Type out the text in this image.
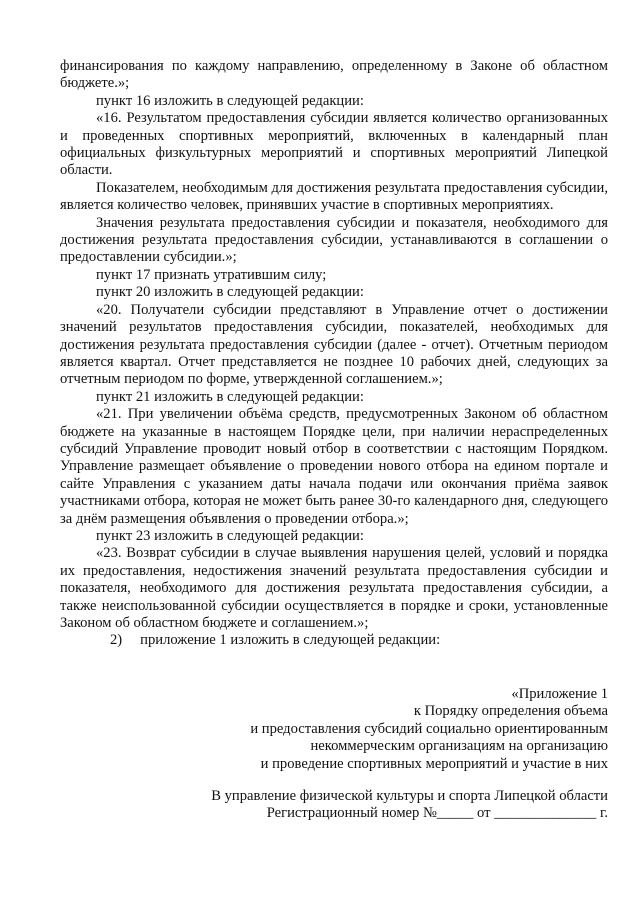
финансирования по каждому направлению, определенному в Законе об областном бюджете.»;

пункт 16 изложить в следующей редакции:

«16. Результатом предоставления субсидии является количество организованных и проведенных спортивных мероприятий, включенных в календарный план официальных физкультурных мероприятий и спортивных мероприятий Липецкой области.

Показателем, необходимым для достижения результата предоставления субсидии, является количество человек, принявших участие в спортивных мероприятиях.

Значения результата предоставления субсидии и показателя, необходимого для достижения результата предоставления субсидии, устанавливаются в соглашении о предоставлении субсидии.»;

пункт 17 признать утратившим силу;

пункт 20 изложить в следующей редакции:

«20. Получатели субсидии представляют в Управление отчет о достижении значений результатов предоставления субсидии, показателей, необходимых для достижения результата предоставления субсидии (далее - отчет). Отчетным периодом является квартал. Отчет представляется не позднее 10 рабочих дней, следующих за отчетным периодом по форме, утвержденной соглашением.»;

пункт 21 изложить в следующей редакции:

«21. При увеличении объёма средств, предусмотренных Законом об областном бюджете на указанные в настоящем Порядке цели, при наличии нераспределенных субсидий Управление проводит новый отбор в соответствии с настоящим Порядком. Управление размещает объявление о проведении нового отбора на едином портале и сайте Управления с указанием даты начала подачи или окончания приёма заявок участниками отбора, которая не может быть ранее 30-го календарного дня, следующего за днём размещения объявления о проведении отбора.»;

пункт 23 изложить в следующей редакции:

«23. Возврат субсидии в случае выявления нарушения целей, условий и порядка их предоставления, недостижения значений результата предоставления субсидии и показателя, необходимого для достижения результата предоставления субсидии, а также неиспользованной субсидии осуществляется в порядке и сроки, установленные Законом об областном бюджете и соглашением.»;

2) приложение 1 изложить в следующей редакции:

«Приложение 1
к Порядку определения объема
и предоставления субсидий социально ориентированным
некоммерческим организациям на организацию
и проведение спортивных мероприятий и участие в них
В управление физической культуры и спорта Липецкой области
Регистрационный номер №_____ от ______________ г.
